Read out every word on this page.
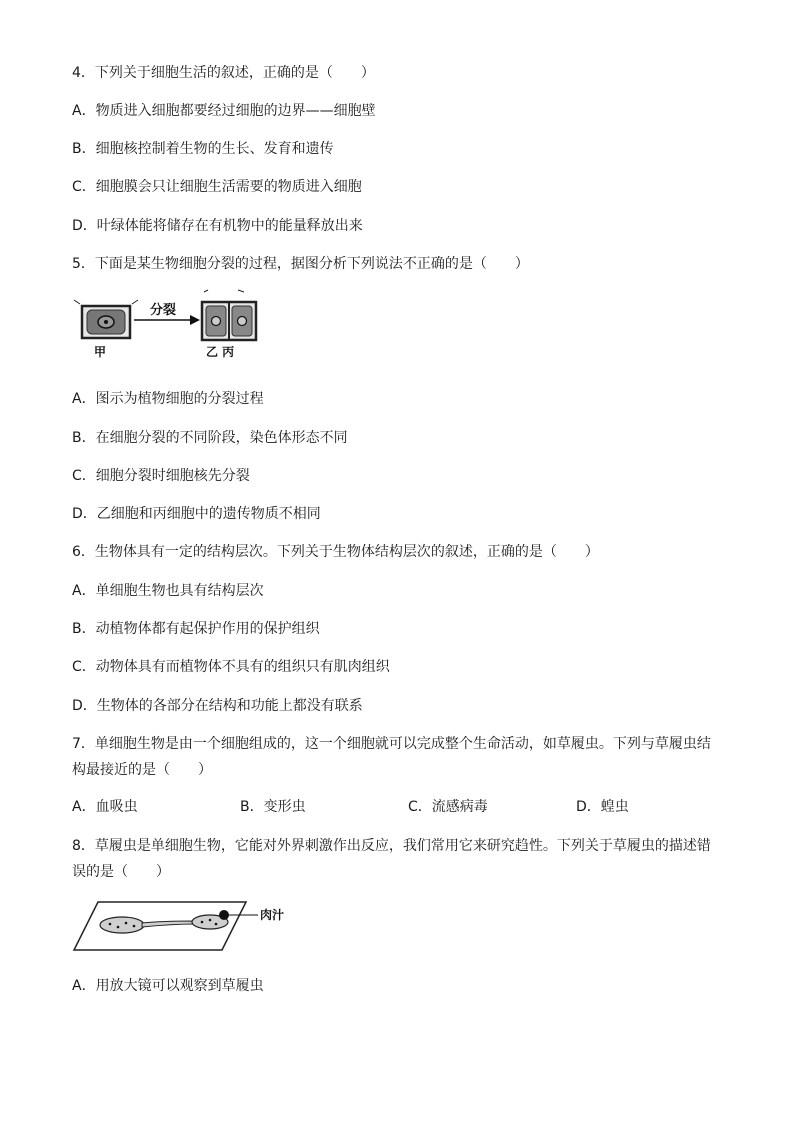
4．下列关于细胞生活的叙述，正确的是（　　）
A．物质进入细胞都要经过细胞的边界——细胞壁
B．细胞核控制着生物的生长、发育和遗传
C．细胞膜会只让细胞生活需要的物质进入细胞
D．叶绿体能将储存在有机物中的能量释放出来
5．下面是某生物细胞分裂的过程，据图分析下列说法不正确的是（　　）
分裂
甲	乙 丙
A．图示为植物细胞的分裂过程
B．在细胞分裂的不同阶段，染色体形态不同
C．细胞分裂时细胞核先分裂
D．乙细胞和丙细胞中的遗传物质不相同
6．生物体具有一定的结构层次。下列关于生物体结构层次的叙述，正确的是（　　）
A．单细胞生物也具有结构层次
B．动植物体都有起保护作用的保护组织
C．动物体具有而植物体不具有的组织只有肌肉组织
D．生物体的各部分在结构和功能上都没有联系
7．单细胞生物是由一个细胞组成的，这一个细胞就可以完成整个生命活动，如草履虫。下列与草履虫结
构最接近的是（　　）
A．血吸虫	B．变形虫	C．流感病毒	D．蝗虫
8．草履虫是单细胞生物，它能对外界刺激作出反应，我们常用它来研究趋性。下列关于草履虫的描述错
误的是（　　）
肉汁
A．用放大镜可以观察到草履虫
